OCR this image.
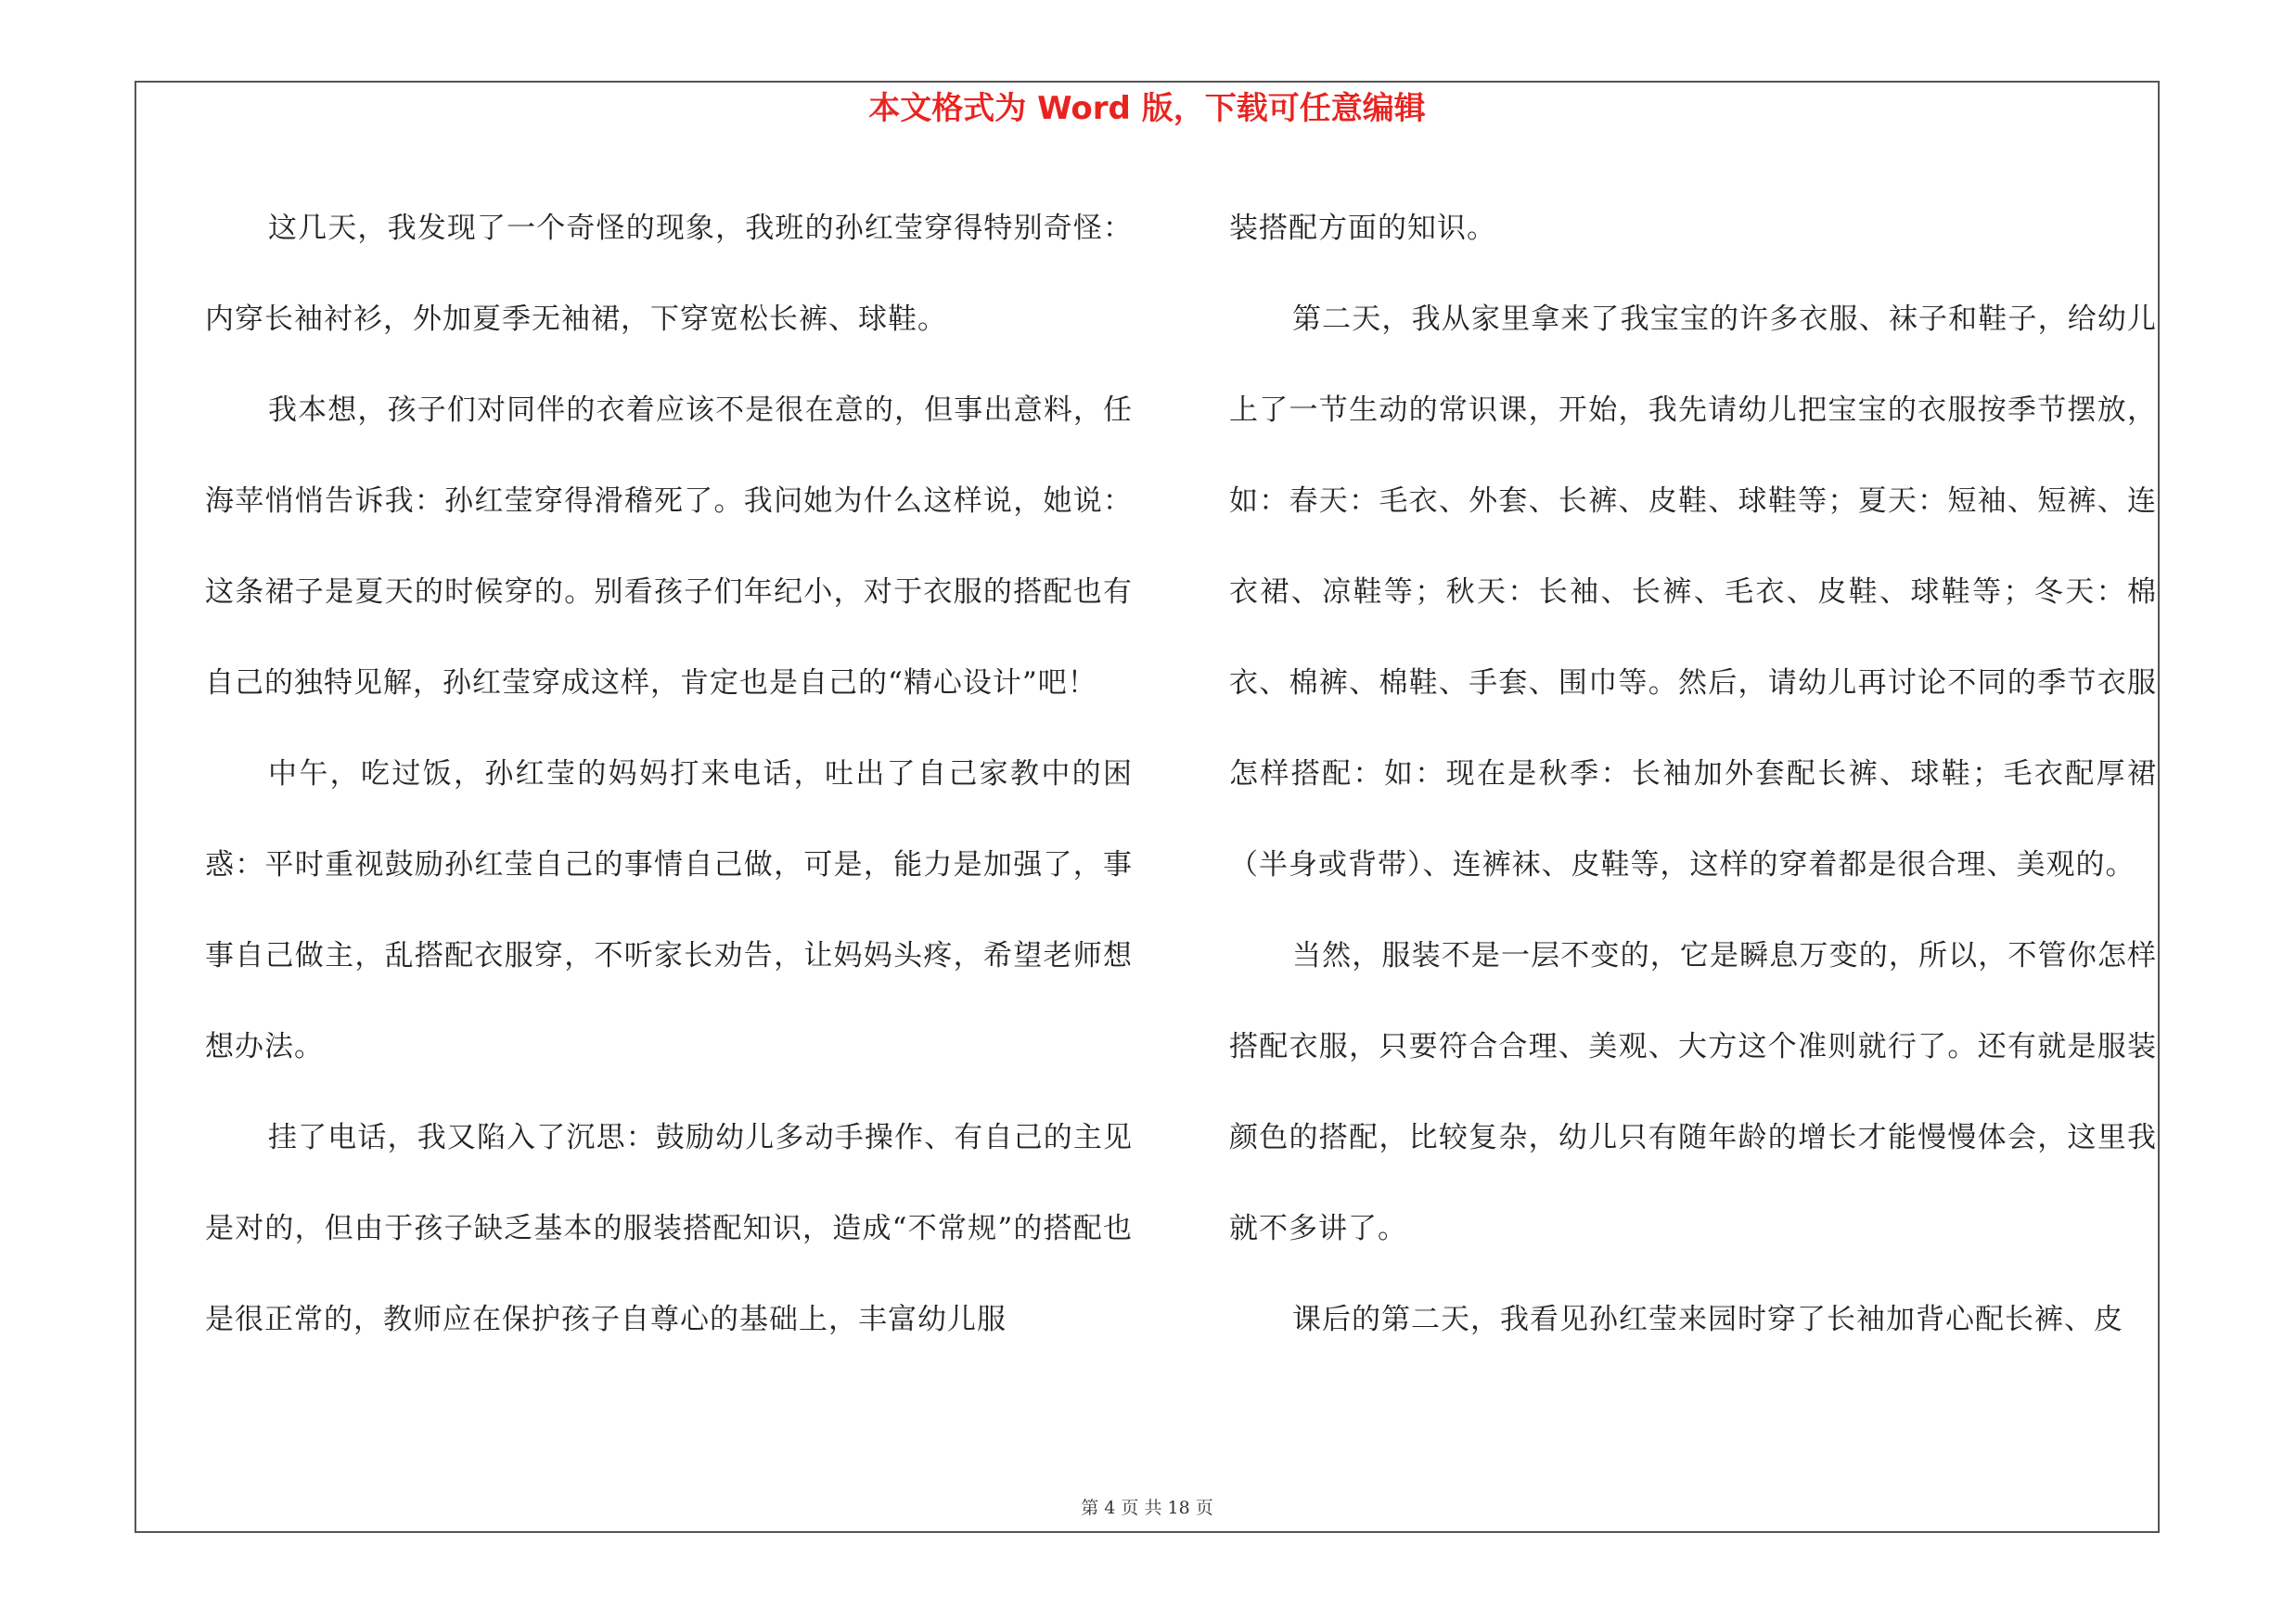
本文格式为 Word 版，下载可任意编辑

这几天，我发现了一个奇怪的现象，我班的孙红莹穿得特别奇怪：内穿长袖衬衫，外加夏季无袖裙，下穿宽松长裤、球鞋。

我本想，孩子们对同伴的衣着应该不是很在意的，但事出意料，任海苹悄悄告诉我：孙红莹穿得滑稽死了。我问她为什么这样说，她说：这条裙子是夏天的时候穿的。别看孩子们年纪小，对于衣服的搭配也有自己的独特见解，孙红莹穿成这样，肯定也是自己的“精心设计”吧！

中午，吃过饭，孙红莹的妈妈打来电话，吐出了自己家教中的困惑：平时重视鼓励孙红莹自己的事情自己做，可是，能力是加强了，事事自己做主，乱搭配衣服穿，不听家长劝告，让妈妈头疼，希望老师想想办法。

挂了电话，我又陷入了沉思：鼓励幼儿多动手操作、有自己的主见是对的，但由于孩子缺乏基本的服装搭配知识，造成“不常规”的搭配也是很正常的，教师应在保护孩子自尊心的基础上，丰富幼儿服

装搭配方面的知识。

第二天，我从家里拿来了我宝宝的许多衣服、袜子和鞋子，给幼儿上了一节生动的常识课，开始，我先请幼儿把宝宝的衣服按季节摆放，如：春天：毛衣、外套、长裤、皮鞋、球鞋等；夏天：短袖、短裤、连衣裙、凉鞋等；秋天：长袖、长裤、毛衣、皮鞋、球鞋等；冬天：棉衣、棉裤、棉鞋、手套、围巾等。然后，请幼儿再讨论不同的季节衣服怎样搭配：如：现在是秋季：长袖加外套配长裤、球鞋；毛衣配厚裙（半身或背带）、连裤袜、皮鞋等，这样的穿着都是很合理、美观的。

当然，服装不是一层不变的，它是瞬息万变的，所以，不管你怎样搭配衣服，只要符合合理、美观、大方这个准则就行了。还有就是服装颜色的搭配，比较复杂，幼儿只有随年龄的增长才能慢慢体会，这里我就不多讲了。

课后的第二天，我看见孙红莹来园时穿了长袖加背心配长裤、皮

第 4 页 共 18 页
